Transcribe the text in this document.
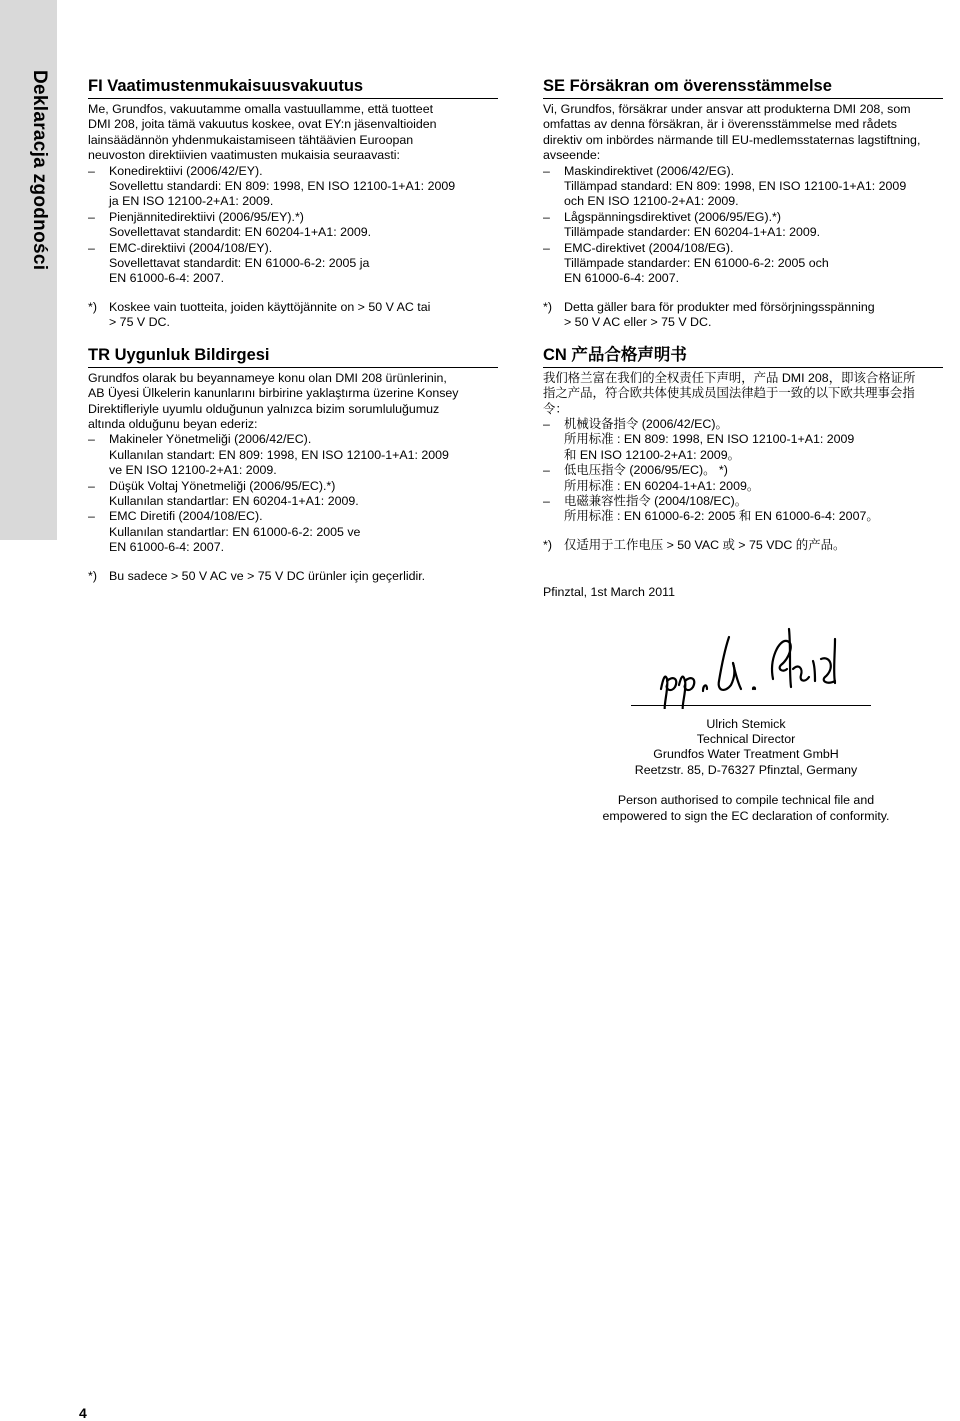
Deklaracja zgodności FI Vaatimustenmukaisuusvakuutus

Me, Grundfos, vakuutamme omalla vastuullamme, että tuotteet

DMI 208, joita tämä vakuutus koskee, ovat EY:n jäsenvaltioiden

lainsäädännön yhdenmukaistamiseen tähtäävien Euroopan

neuvoston direktiivien vaatimusten mukaisia seuraavasti:

– Konedirektiivi (2006/42/EY).

Sovellettu standardi: EN 809: 1998, EN ISO 12100-1+A1: 2009

ja EN ISO 12100-2+A1: 2009.

– Pienjännitedirektiivi (2006/95/EY).*)

Sovellettavat standardit: EN 60204-1+A1: 2009.

– EMC-direktiivi (2004/108/EY).

Sovellettavat standardit: EN 61000-6-2: 2005 ja

EN 61000-6-4: 2007.

*) Koskee vain tuotteita, joiden käyttöjännite on > 50 V AC tai

> 75 V DC.

TR Uygunluk Bildirgesi

Grundfos olarak bu beyannameye konu olan DMI 208 ürünlerinin,

AB Üyesi Ülkelerin kanunlarını birbirine yaklaştırma üzerine Konsey

Direktifleriyle uyumlu olduğunun yalnızca bizim sorumluluğumuz

altında olduğunu beyan ederiz:

– Makineler Yönetmeliği (2006/42/EC).

Kullanılan standart: EN 809: 1998, EN ISO 12100-1+A1: 2009

ve EN ISO 12100-2+A1: 2009.

– Düşük Voltaj Yönetmeliği (2006/95/EC).*)

Kullanılan standartlar: EN 60204-1+A1: 2009.

– EMC Diretifi (2004/108/EC).

Kullanılan standartlar: EN 61000-6-2: 2005 ve

EN 61000-6-4: 2007.

*) Bu sadece > 50 V AC ve > 75 V DC ürünler için geçerlidir.

SE Försäkran om överensstämmelse

Vi, Grundfos, försäkrar under ansvar att produkterna DMI 208, som

omfattas av denna försäkran, är i överensstämmelse med rådets

direktiv om inbördes närmande till EU-medlemsstaternas lagstiftning,

avseende:

– Maskindirektivet (2006/42/EG).

Tillämpad standard: EN 809: 1998, EN ISO 12100-1+A1: 2009

och EN ISO 12100-2+A1: 2009.

– Lågspänningsdirektivet (2006/95/EG).*)

Tillämpade standarder: EN 60204-1+A1: 2009.

– EMC-direktivet (2004/108/EG).

Tillämpade standarder: EN 61000-6-2: 2005 och

EN 61000-6-4: 2007.

*) Detta gäller bara för produkter med försörjningsspänning

> 50 V AC eller > 75 V DC.

CN 产品合格声明书

我们格兰富在我们的全权责任下声明，产品 DMI 208，即该合格证所

指之产品，符合欧共体使其成员国法律趋于一致的以下欧共理事会指

令：

– 机械设备指令 (2006/42/EC)。

所用标准 : EN 809: 1998, EN ISO 12100-1+A1: 2009

和 EN ISO 12100-2+A1: 2009。

– 低电压指令 (2006/95/EC)。 *)

所用标准 : EN 60204-1+A1: 2009。

– 电磁兼容性指令 (2004/108/EC)。

所用标准 : EN 61000-6-2: 2005 和 EN 61000-6-4: 2007。

*) 仅适用于工作电压 > 50 VAC 或 > 75 VDC 的产品。

Pfinztal, 1st March 2011

Ulrich Stemick

Technical Director

Grundfos Water Treatment GmbH

Reetzstr. 85, D-76327 Pfinztal, Germany

Person authorised to compile technical file and

empowered to sign the EC declaration of conformity.

4
